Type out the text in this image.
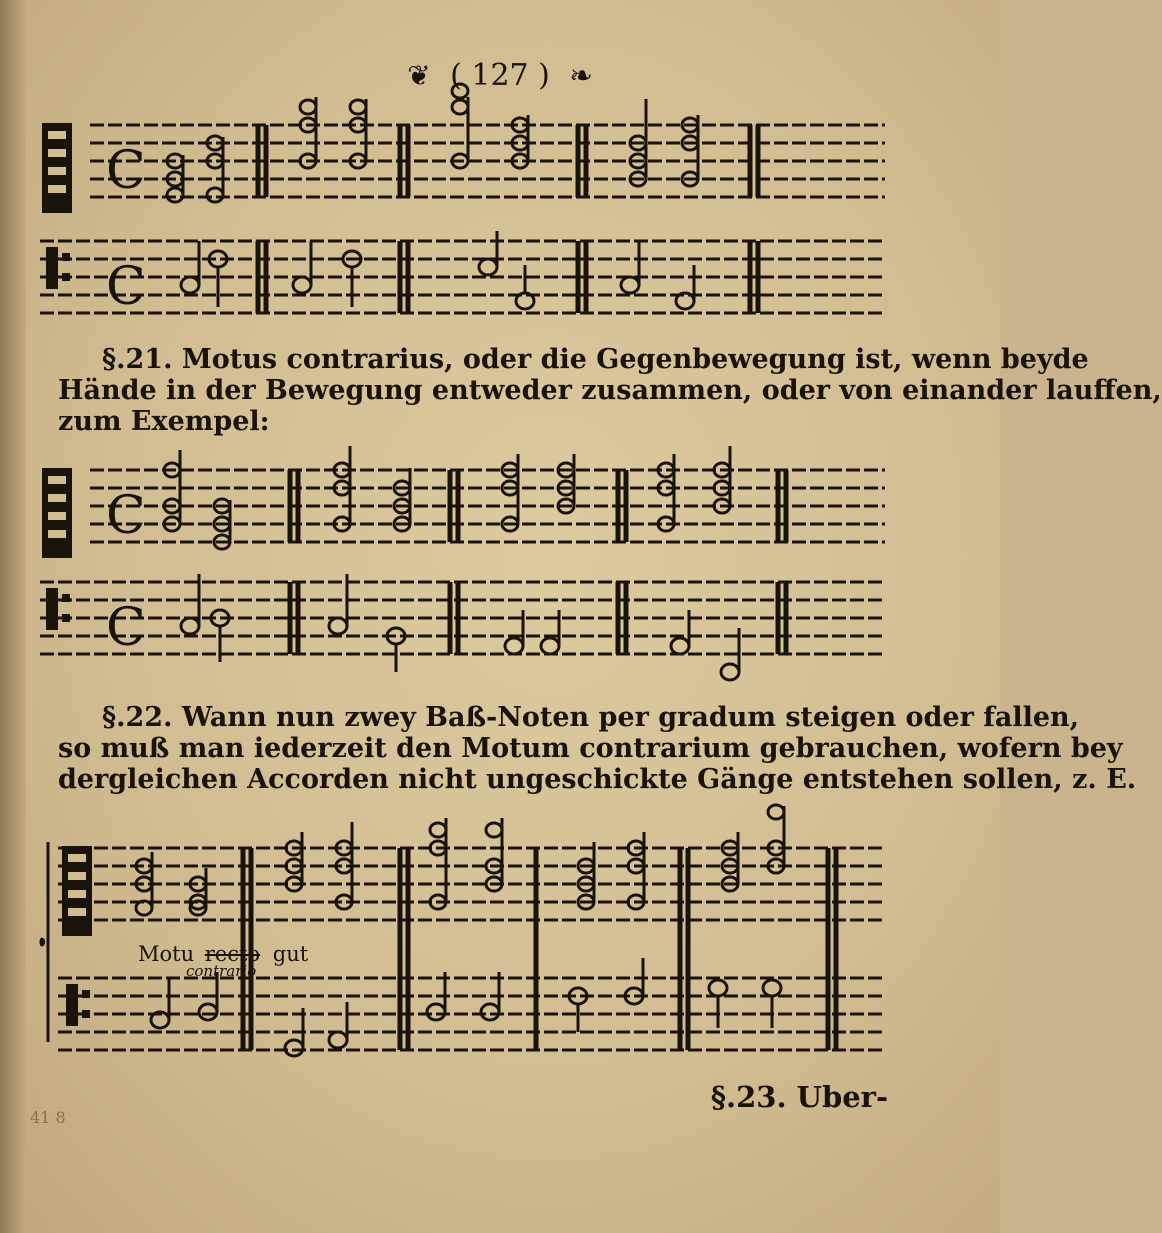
❦ ( 127 ) ❧
C
C
§.21. Motus contrarius, oder die Gegenbewegung ist, wenn beyde
Hände in der Bewegung entweder zusammen, oder von einander lauffen,
zum Exempel:
C
C
§.22. Wann nun zwey Baß-Noten per gradum steigen oder fallen,
so muß man iederzeit den Motum contrarium gebrauchen, wofern bey
dergleichen Accorden nicht ungeschickte Gänge entstehen sollen, z. E.
Motu recto gut
contrario
§.23. Uber-
41 8
